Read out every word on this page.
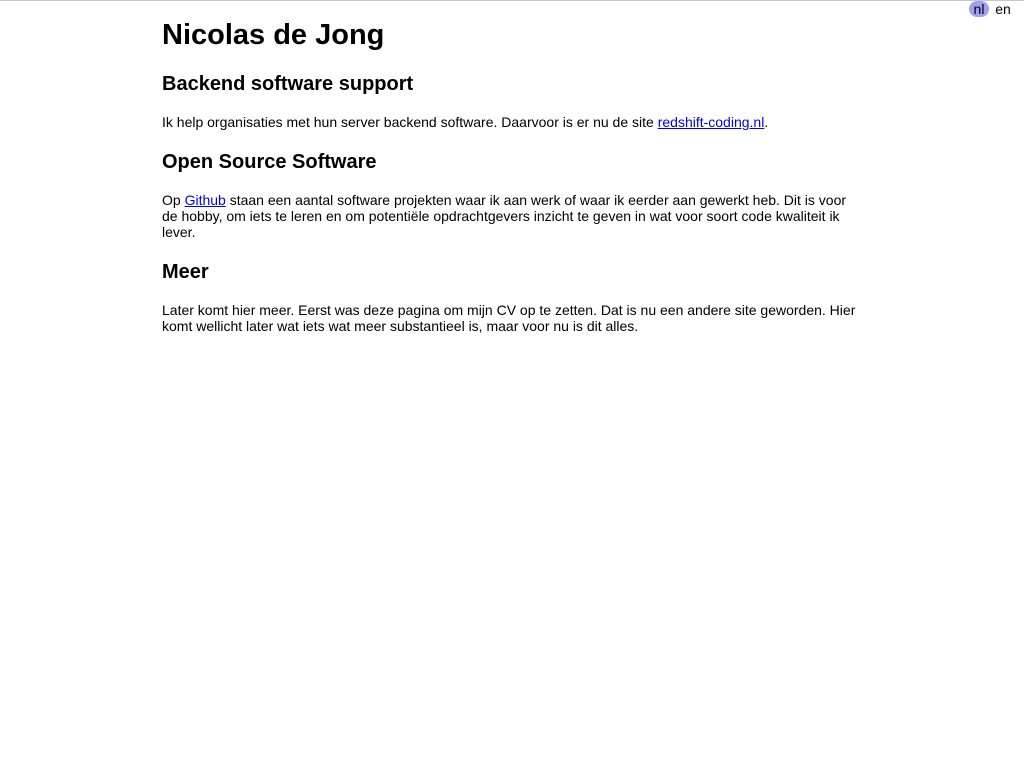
nl en
Nicolas de Jong
Backend software support

Ik help organisaties met hun server backend software. Daarvoor is er nu de site redshift-coding.nl.

Open Source Software

Op Github staan een aantal software projekten waar ik aan werk of waar ik eerder aan gewerkt heb. Dit is voor de hobby, om iets te leren en om potentiële opdrachtgevers inzicht te geven in wat voor soort code kwaliteit ik lever.

Meer

Later komt hier meer. Eerst was deze pagina om mijn CV op te zetten. Dat is nu een andere site geworden. Hier komt wellicht later wat iets wat meer substantieel is, maar voor nu is dit alles.
